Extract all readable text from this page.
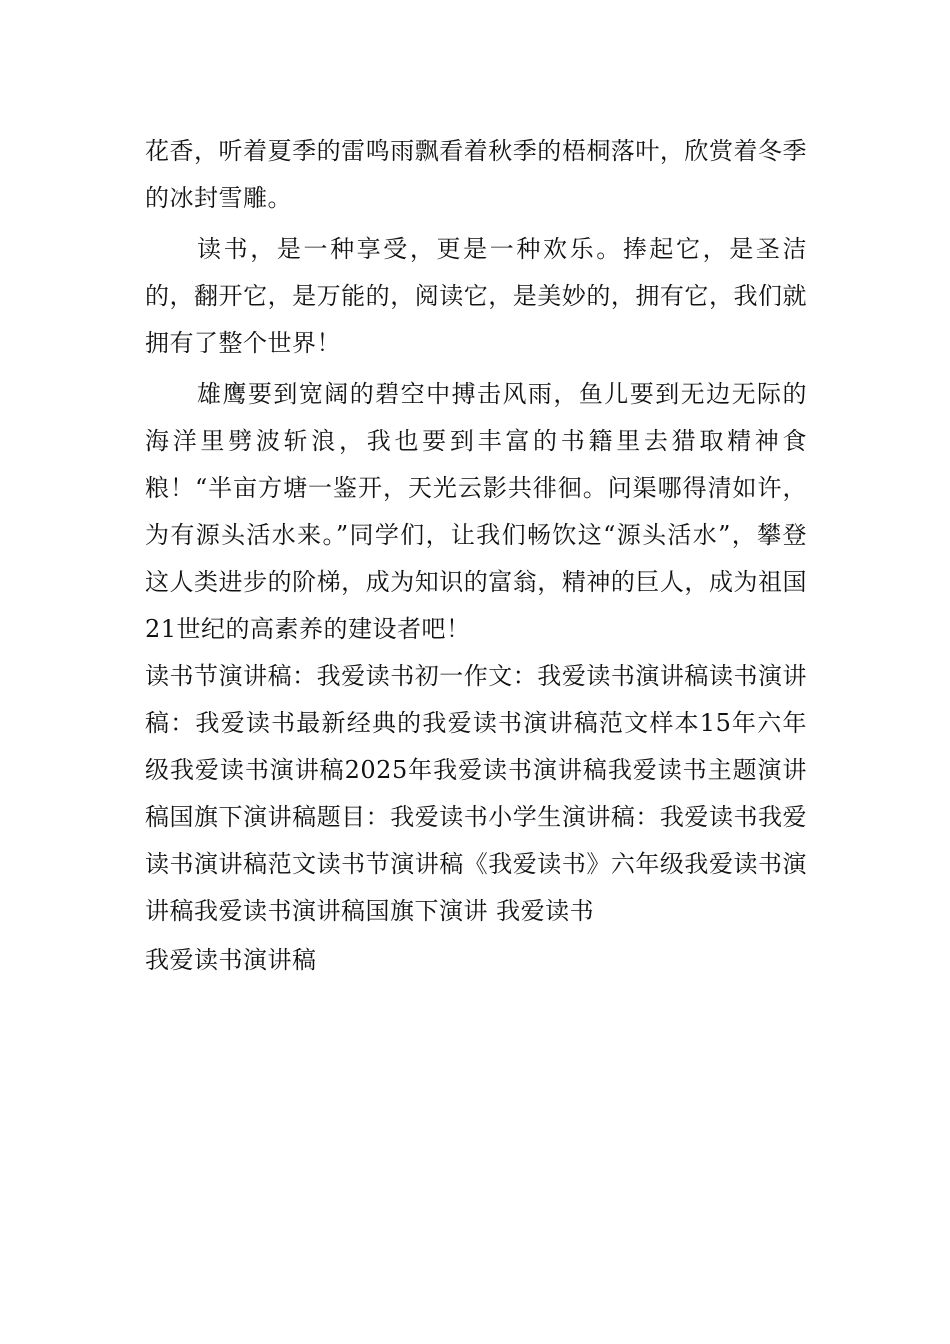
花香，听着夏季的雷鸣雨飘看着秋季的梧桐落叶，欣赏着冬季的冰封雪雕。

读书，是一种享受，更是一种欢乐。捧起它，是圣洁的，翻开它，是万能的，阅读它，是美妙的，拥有它，我们就拥有了整个世界！

雄鹰要到宽阔的碧空中搏击风雨，鱼儿要到无边无际的海洋里劈波斩浪，我也要到丰富的书籍里去猎取精神食粮！“半亩方塘一鉴开，天光云影共徘徊。问渠哪得清如许，为有源头活水来。”同学们，让我们畅饮这“源头活水”，攀登这人类进步的阶梯，成为知识的富翁，精神的巨人，成为祖国21世纪的高素养的建设者吧！

读书节演讲稿：我爱读书初一作文：我爱读书演讲稿读书演讲稿：我爱读书最新经典的我爱读书演讲稿范文样本15年六年级我爱读书演讲稿2025年我爱读书演讲稿我爱读书主题演讲稿国旗下演讲稿题目：我爱读书小学生演讲稿：我爱读书我爱读书演讲稿范文读书节演讲稿《我爱读书》六年级我爱读书演讲稿我爱读书演讲稿国旗下演讲 我爱读书

我爱读书演讲稿
